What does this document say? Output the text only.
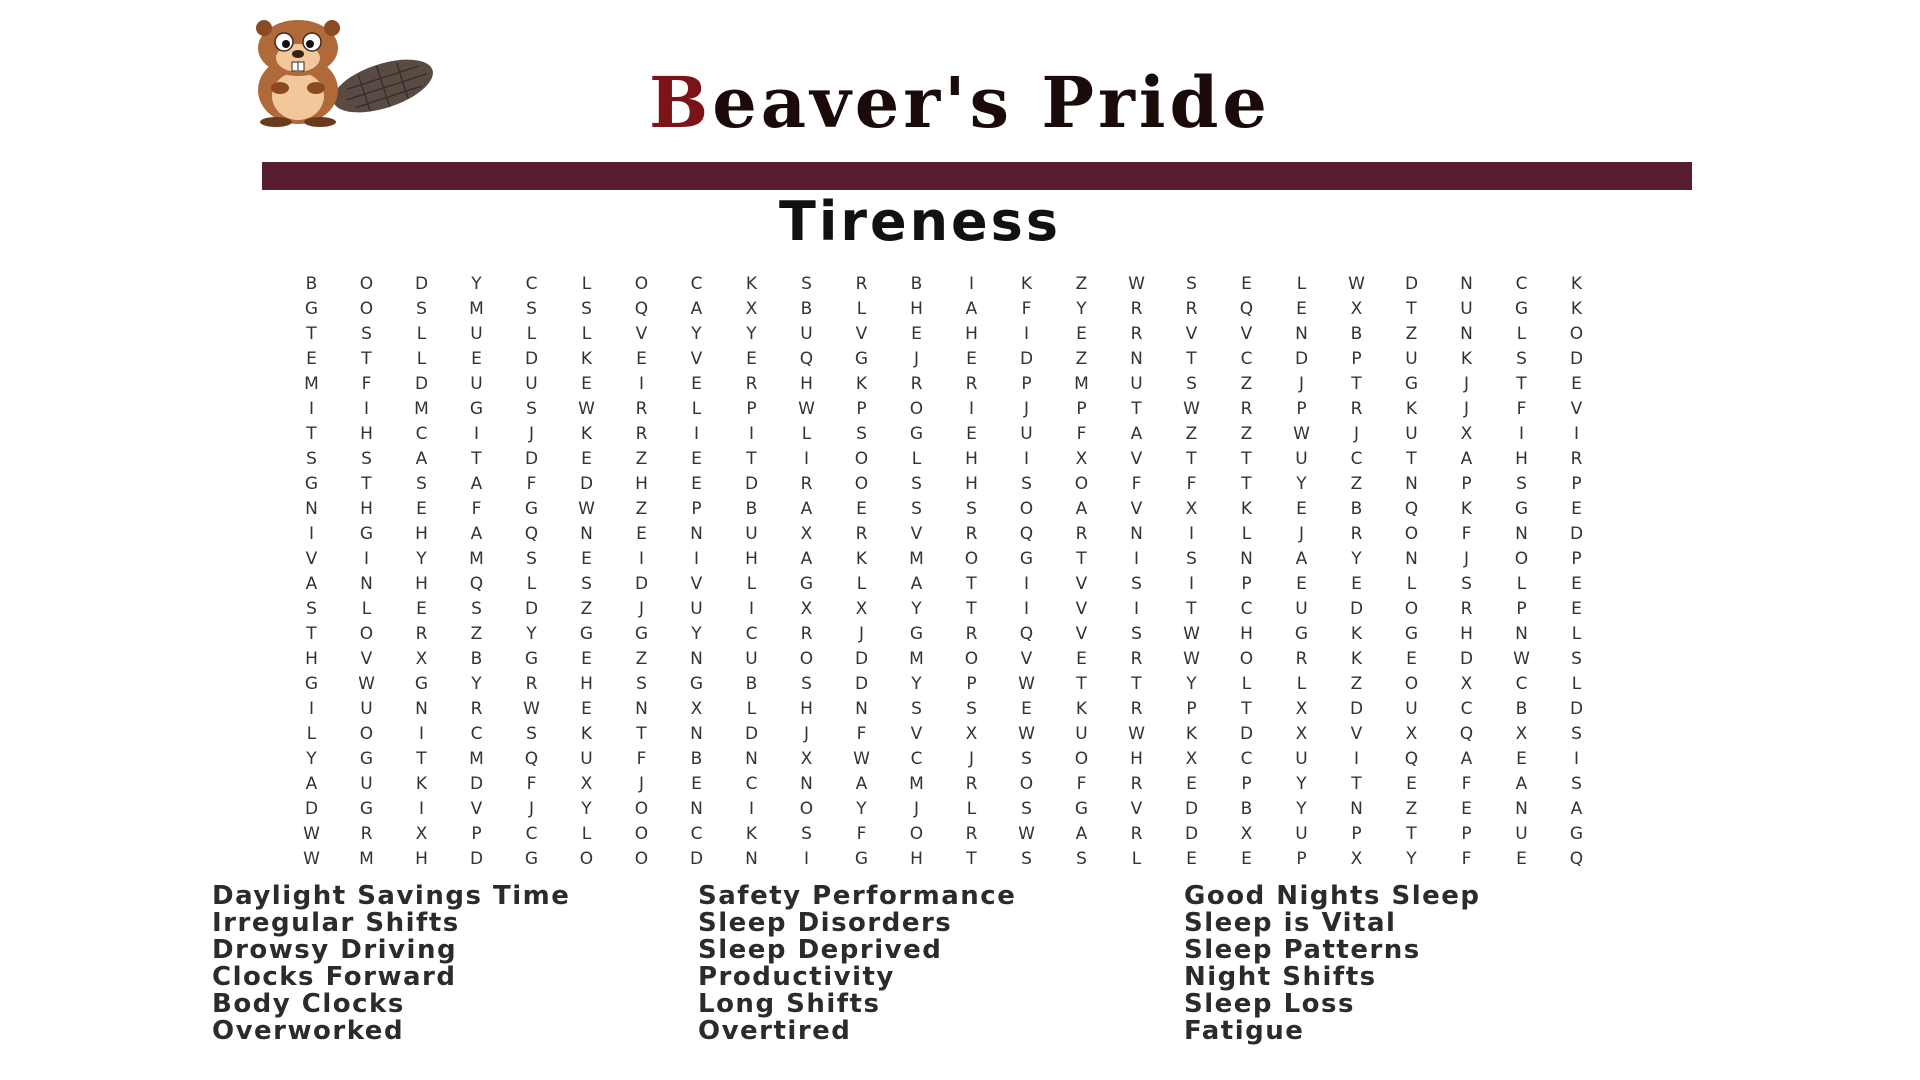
Beaver's Pride
Tireness
B	O	D	Y	C	L	O	C	K	S	R	B	I	K	Z	W	S	E	L	W	D	N	C	K
G	O	S	M	S	S	Q	A	X	B	L	H	A	F	Y	R	R	Q	E	X	T	U	G	K
T	S	L	U	L	L	V	Y	Y	U	V	E	H	I	E	R	V	V	N	B	Z	N	L	O
E	T	L	E	D	K	E	V	E	Q	G	J	E	D	Z	N	T	C	D	P	U	K	S	D
M	F	D	U	U	E	I	E	R	H	K	R	R	P	M	U	S	Z	J	T	G	J	T	E
I	I	M	G	S	W	R	L	P	W	P	O	I	J	P	T	W	R	P	R	K	J	F	V
T	H	C	I	J	K	R	I	I	L	S	G	E	U	F	A	Z	Z	W	J	U	X	I	I
S	S	A	T	D	E	Z	E	T	I	O	L	H	I	X	V	T	T	U	C	T	A	H	R
G	T	S	A	F	D	H	E	D	R	O	S	H	S	O	F	F	T	Y	Z	N	P	S	P
N	H	E	F	G	W	Z	P	B	A	E	S	S	O	A	V	X	K	E	B	Q	K	G	E
I	G	H	A	Q	N	E	N	U	X	R	V	R	Q	R	N	I	L	J	R	O	F	N	D
V	I	Y	M	S	E	I	I	H	A	K	M	O	G	T	I	S	N	A	Y	N	J	O	P
A	N	H	Q	L	S	D	V	L	G	L	A	T	I	V	S	I	P	E	E	L	S	L	E
S	L	E	S	D	Z	J	U	I	X	X	Y	T	I	V	I	T	C	U	D	O	R	P	E
T	O	R	Z	Y	G	G	Y	C	R	J	G	R	Q	V	S	W	H	G	K	G	H	N	L
H	V	X	B	G	E	Z	N	U	O	D	M	O	V	E	R	W	O	R	K	E	D	W	S
G	W	G	Y	R	H	S	G	B	S	D	Y	P	W	T	T	Y	L	L	Z	O	X	C	L
I	U	N	R	W	E	N	X	L	H	N	S	S	E	K	R	P	T	X	D	U	C	B	D
L	O	I	C	S	K	T	N	D	J	F	V	X	W	U	W	K	D	X	V	X	Q	X	S
Y	G	T	M	Q	U	F	B	N	X	W	C	J	S	O	H	X	C	U	I	Q	A	E	I
A	U	K	D	F	X	J	E	C	N	A	M	R	O	F	R	E	P	Y	T	E	F	A	S
D	G	I	V	J	Y	O	N	I	O	Y	J	L	S	G	V	D	B	Y	N	Z	E	N	A
W	R	X	P	C	L	O	C	K	S	F	O	R	W	A	R	D	X	U	P	T	P	U	G
W	M	H	D	G	O	O	D	N	I	G	H	T	S	S	L	E	E	P	X	Y	F	E	Q
Daylight Savings Time
Irregular Shifts
Drowsy Driving
Clocks Forward
Body Clocks
Overworked
Safety Performance
Sleep Disorders
Sleep Deprived
Productivity
Long Shifts
Overtired
Good Nights Sleep
Sleep is Vital
Sleep Patterns
Night Shifts
Sleep Loss
Fatigue
